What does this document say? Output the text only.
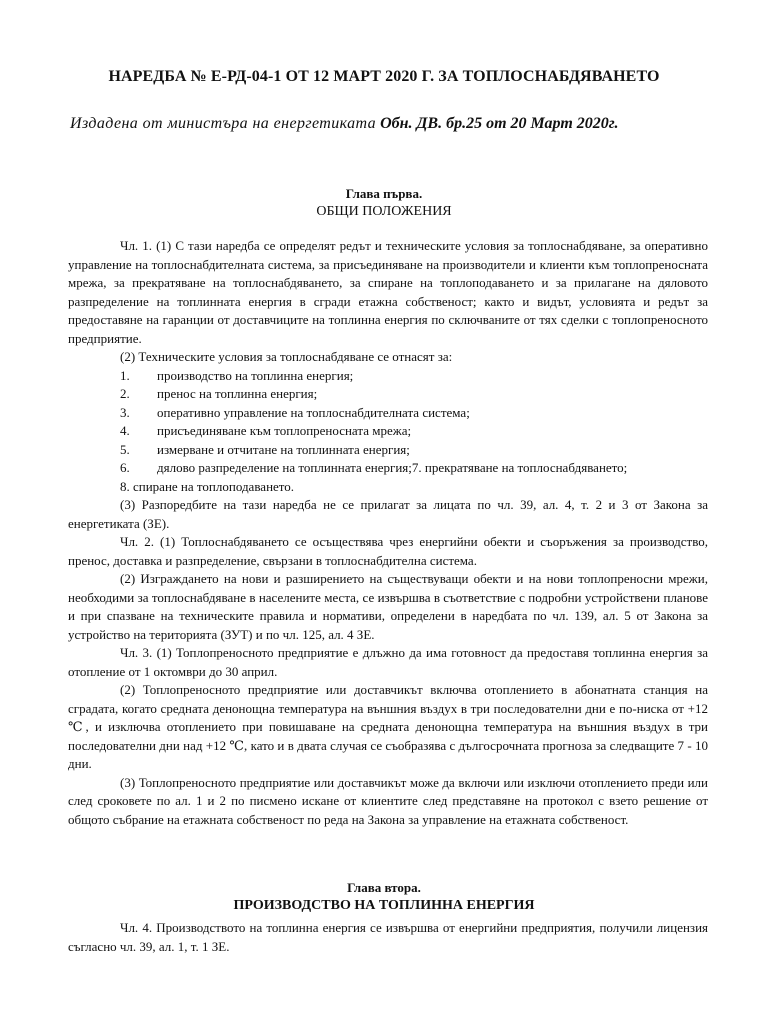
НАРЕДБА № Е-РД-04-1 ОТ 12 МАРТ 2020 Г. ЗА ТОПЛОСНАБДЯВАНЕТО
Издадена от министъра на енергетиката Обн. ДВ. бр.25 от 20 Март 2020г.
Глава първа.
ОБЩИ ПОЛОЖЕНИЯ

Чл. 1. (1) С тази наредба се определят редът и техническите условия за топлоснабдяване, за оперативно управление на топлоснабдителната система, за присъединяване на производители и клиенти към топлопреносната мрежа, за прекратяване на топлоснабдяването, за спиране на топлоподаването и за прилагане на дяловото разпределение на топлинната енергия в сгради етажна собственост; както и видът, условията и редът за предоставяне на гаранции от доставчиците на топлинна енергия по сключваните от тях сделки с топлопреносното предприятие.

(2) Техническите условия за топлоснабдяване се отнасят за:

1. производство на топлинна енергия;
2. пренос на топлинна енергия;
3. оперативно управление на топлоснабдителната система;
4. присъединяване към топлопреносната мрежа;
5. измерване и отчитане на топлинната енергия;
6. дялово разпределение на топлинната енергия;7. прекратяване на топлоснабдяването;

8. спиране на топлоподаването.

(3) Разпоредбите на тази наредба не се прилагат за лицата по чл. 39, ал. 4, т. 2 и 3 от Закона за енергетиката (ЗЕ).

Чл. 2. (1) Топлоснабдяването се осъществява чрез енергийни обекти и съоръжения за производство, пренос, доставка и разпределение, свързани в топлоснабдителна система.

(2) Изграждането на нови и разширението на съществуващи обекти и на нови топлопреносни мрежи, необходими за топлоснабдяване в населените места, се извършва в съответствие с подробни устройствени планове и при спазване на техническите правила и нормативи, определени в наредбата по чл. 139, ал. 5 от Закона за устройство на територията (ЗУТ) и по чл. 125, ал. 4 ЗЕ.

Чл. 3. (1) Топлопреносното предприятие е длъжно да има готовност да предоставя топлинна енергия за отопление от 1 октомври до 30 април.

(2) Топлопреносното предприятие или доставчикът включва отоплението в абонатната станция на сградата, когато средната денонощна температура на външния въздух в три последователни дни е по-ниска от +12 ℃, и изключва отоплението при повишаване на средната денонощна температура на външния въздух в три последователни дни над +12 ℃, като и в двата случая се съобразява с дългосрочната прогноза за следващите 7 - 10 дни.

(3) Топлопреносното предприятие или доставчикът може да включи или изключи отоплението преди или след сроковете по ал. 1 и 2 по писмено искане от клиентите след представяне на протокол с взето решение от общото събрание на етажната собственост по реда на Закона за управление на етажната собственост.

Глава втора.
ПРОИЗВОДСТВО НА ТОПЛИННА ЕНЕРГИЯ

Чл. 4. Производството на топлинна енергия се извършва от енергийни предприятия, получили лицензия съгласно чл. 39, ал. 1, т. 1 ЗЕ.
